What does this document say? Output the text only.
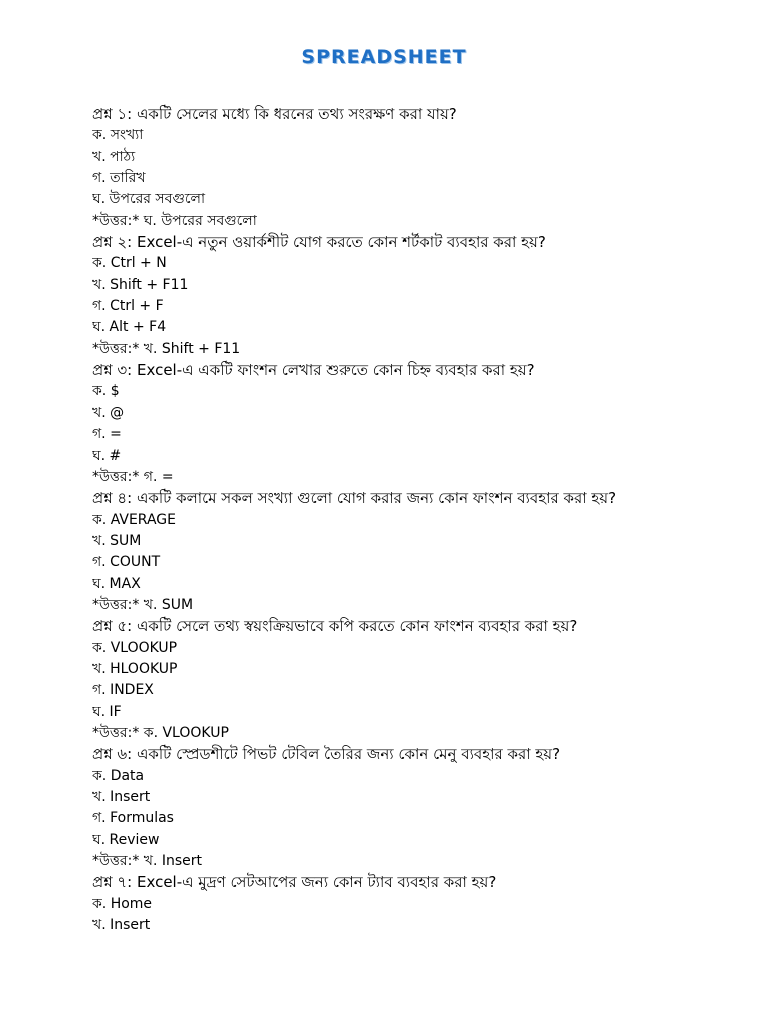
SPREADSHEET
প্রশ্ন ১: একটি সেলের মধ্যে কি ধরনের তথ্য সংরক্ষণ করা যায়?
ক. সংখ্যা
খ. পাঠ্য
গ. তারিখ
ঘ. উপরের সবগুলো
*উত্তর:* ঘ. উপরের সবগুলো
প্রশ্ন ২: Excel-এ নতুন ওয়ার্কশীট যোগ করতে কোন শর্টকাট ব্যবহার করা হয়?
ক. Ctrl + N
খ. Shift + F11
গ. Ctrl + F
ঘ. Alt + F4
*উত্তর:* খ. Shift + F11
প্রশ্ন ৩: Excel-এ একটি ফাংশন লেখার শুরুতে কোন চিহ্ন ব্যবহার করা হয়?
ক. $
খ. @
গ. =
ঘ. #
*উত্তর:* গ. =
প্রশ্ন ৪: একটি কলামে সকল সংখ্যা গুলো যোগ করার জন্য কোন ফাংশন ব্যবহার করা হয়?
ক. AVERAGE
খ. SUM
গ. COUNT
ঘ. MAX
*উত্তর:* খ. SUM
প্রশ্ন ৫: একটি সেলে তথ্য স্বয়ংক্রিয়ভাবে কপি করতে কোন ফাংশন ব্যবহার করা হয়?
ক. VLOOKUP
খ. HLOOKUP
গ. INDEX
ঘ. IF
*উত্তর:* ক. VLOOKUP
প্রশ্ন ৬: একটি স্প্রেডশীটে পিভট টেবিল তৈরির জন্য কোন মেনু ব্যবহার করা হয়?
ক. Data
খ. Insert
গ. Formulas
ঘ. Review
*উত্তর:* খ. Insert
প্রশ্ন ৭: Excel-এ মুদ্রণ সেটআপের জন্য কোন ট্যাব ব্যবহার করা হয়?
ক. Home
খ. Insert
